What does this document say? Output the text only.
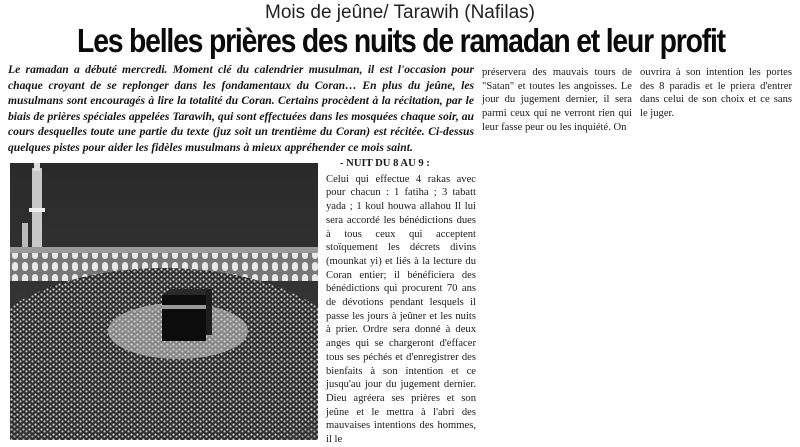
Mois de jeûne/ Tarawih (Nafilas)
Les belles prières des nuits de ramadan et leur profit
Le ramadan a débuté mercredi. Moment clé du calendrier musulman, il est l'occasion pour chaque croyant de se replonger dans les fondamentaux du Coran… En plus du jeûne, les musulmans sont encouragés à lire la totalité du Coran. Certains procèdent à la récitation, par le biais de prières spéciales appelées Tarawih, qui sont effectuées dans les mosquées chaque soir, au cours desquelles toute une partie du texte (juz soit un trentième du Coran) est récitée. Ci-dessus quelques pistes pour aider les fidèles musulmans à mieux appréhender ce mois saint.
- NUIT DU 8 AU 9 :

Celui qui effectue 4 rakas avec pour chacun : 1 fatiha ; 3 tabatt yada ; 1 koul houwa allahou Il lui sera accordé les bénédictions dues à tous ceux qui acceptent stoïquement les décrets divins (mounkat yi) et liés à la lecture du Coran entier; il bénéficiera des bénédictions qui procurent 70 ans de dévotions pendant lesquels il passe les jours à jeûner et les nuits à prier. Ordre sera donné à deux anges qui se chargeront d'effacer tous ses péchés et d'enregistrer des bienfaits à son intention et ce jusqu'au jour du jugement dernier. Dieu agréera ses prières et son jeûne et le mettra à l'abri des mauvaises intentions des hommes, il le

préservera des mauvais tours de "Satan" et toutes les angoisses. Le jour du jugement dernier, il sera parmi ceux qui ne verront rien qui leur fasse peur ou les inquiété. On

ouvrira à son intention les portes des 8 paradis et le priera d'entrer dans celui de son choix et ce sans le juger.
